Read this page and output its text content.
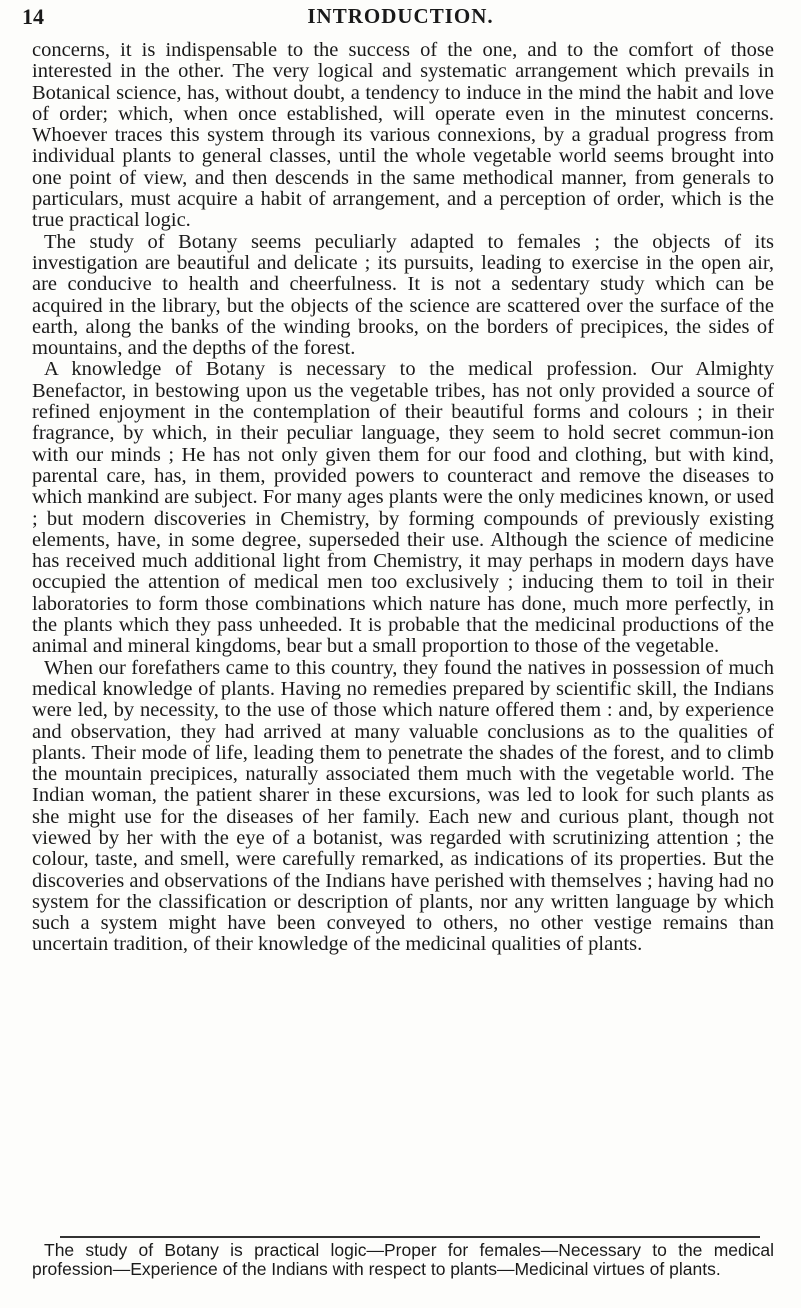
14	INTRODUCTION.

concerns, it is indispensable to the success of the one, and to the comfort of those interested in the other. The very logical and systematic arrangement which prevails in Botanical science, has, without doubt, a tendency to induce in the mind the habit and love of order; which, when once established, will operate even in the minutest concerns. Whoever traces this system through its various connexions, by a gradual progress from individual plants to general classes, until the whole vegetable world seems brought into one point of view, and then descends in the same methodical manner, from generals to particulars, must acquire a habit of arrangement, and a perception of order, which is the true practical logic.

The study of Botany seems peculiarly adapted to females ; the objects of its investigation are beautiful and delicate ; its pursuits, leading to exercise in the open air, are conducive to health and cheerfulness. It is not a sedentary study which can be acquired in the library, but the objects of the science are scattered over the surface of the earth, along the banks of the winding brooks, on the borders of precipices, the sides of mountains, and the depths of the forest.

A knowledge of Botany is necessary to the medical profession. Our Almighty Benefactor, in bestowing upon us the vegetable tribes, has not only provided a source of refined enjoyment in the contemplation of their beautiful forms and colours ; in their fragrance, by which, in their peculiar language, they seem to hold secret commun-ion with our minds ; He has not only given them for our food and clothing, but with kind, parental care, has, in them, provided powers to counteract and remove the diseases to which mankind are subject. For many ages plants were the only medicines known, or used ; but modern discoveries in Chemistry, by forming compounds of previously existing elements, have, in some degree, superseded their use. Although the science of medicine has received much additional light from Chemistry, it may perhaps in modern days have occupied the attention of medical men too exclusively ; inducing them to toil in their laboratories to form those combinations which nature has done, much more perfectly, in the plants which they pass unheeded. It is probable that the medicinal productions of the animal and mineral kingdoms, bear but a small proportion to those of the vegetable.

When our forefathers came to this country, they found the natives in possession of much medical knowledge of plants. Having no remedies prepared by scientific skill, the Indians were led, by necessity, to the use of those which nature offered them : and, by experience and observation, they had arrived at many valuable conclusions as to the qualities of plants. Their mode of life, leading them to penetrate the shades of the forest, and to climb the mountain precipices, naturally associated them much with the vegetable world. The Indian woman, the patient sharer in these excursions, was led to look for such plants as she might use for the diseases of her family. Each new and curious plant, though not viewed by her with the eye of a botanist, was regarded with scrutinizing attention ; the colour, taste, and smell, were carefully remarked, as indications of its properties. But the discoveries and observations of the Indians have perished with themselves ; having had no system for the classification or description of plants, nor any written language by which such a system might have been conveyed to others, no other vestige remains than uncertain tradition, of their knowledge of the medicinal qualities of plants.

The study of Botany is practical logic—Proper for females—Necessary to the medical profession—Experience of the Indians with respect to plants—Medicinal virtues of plants.
